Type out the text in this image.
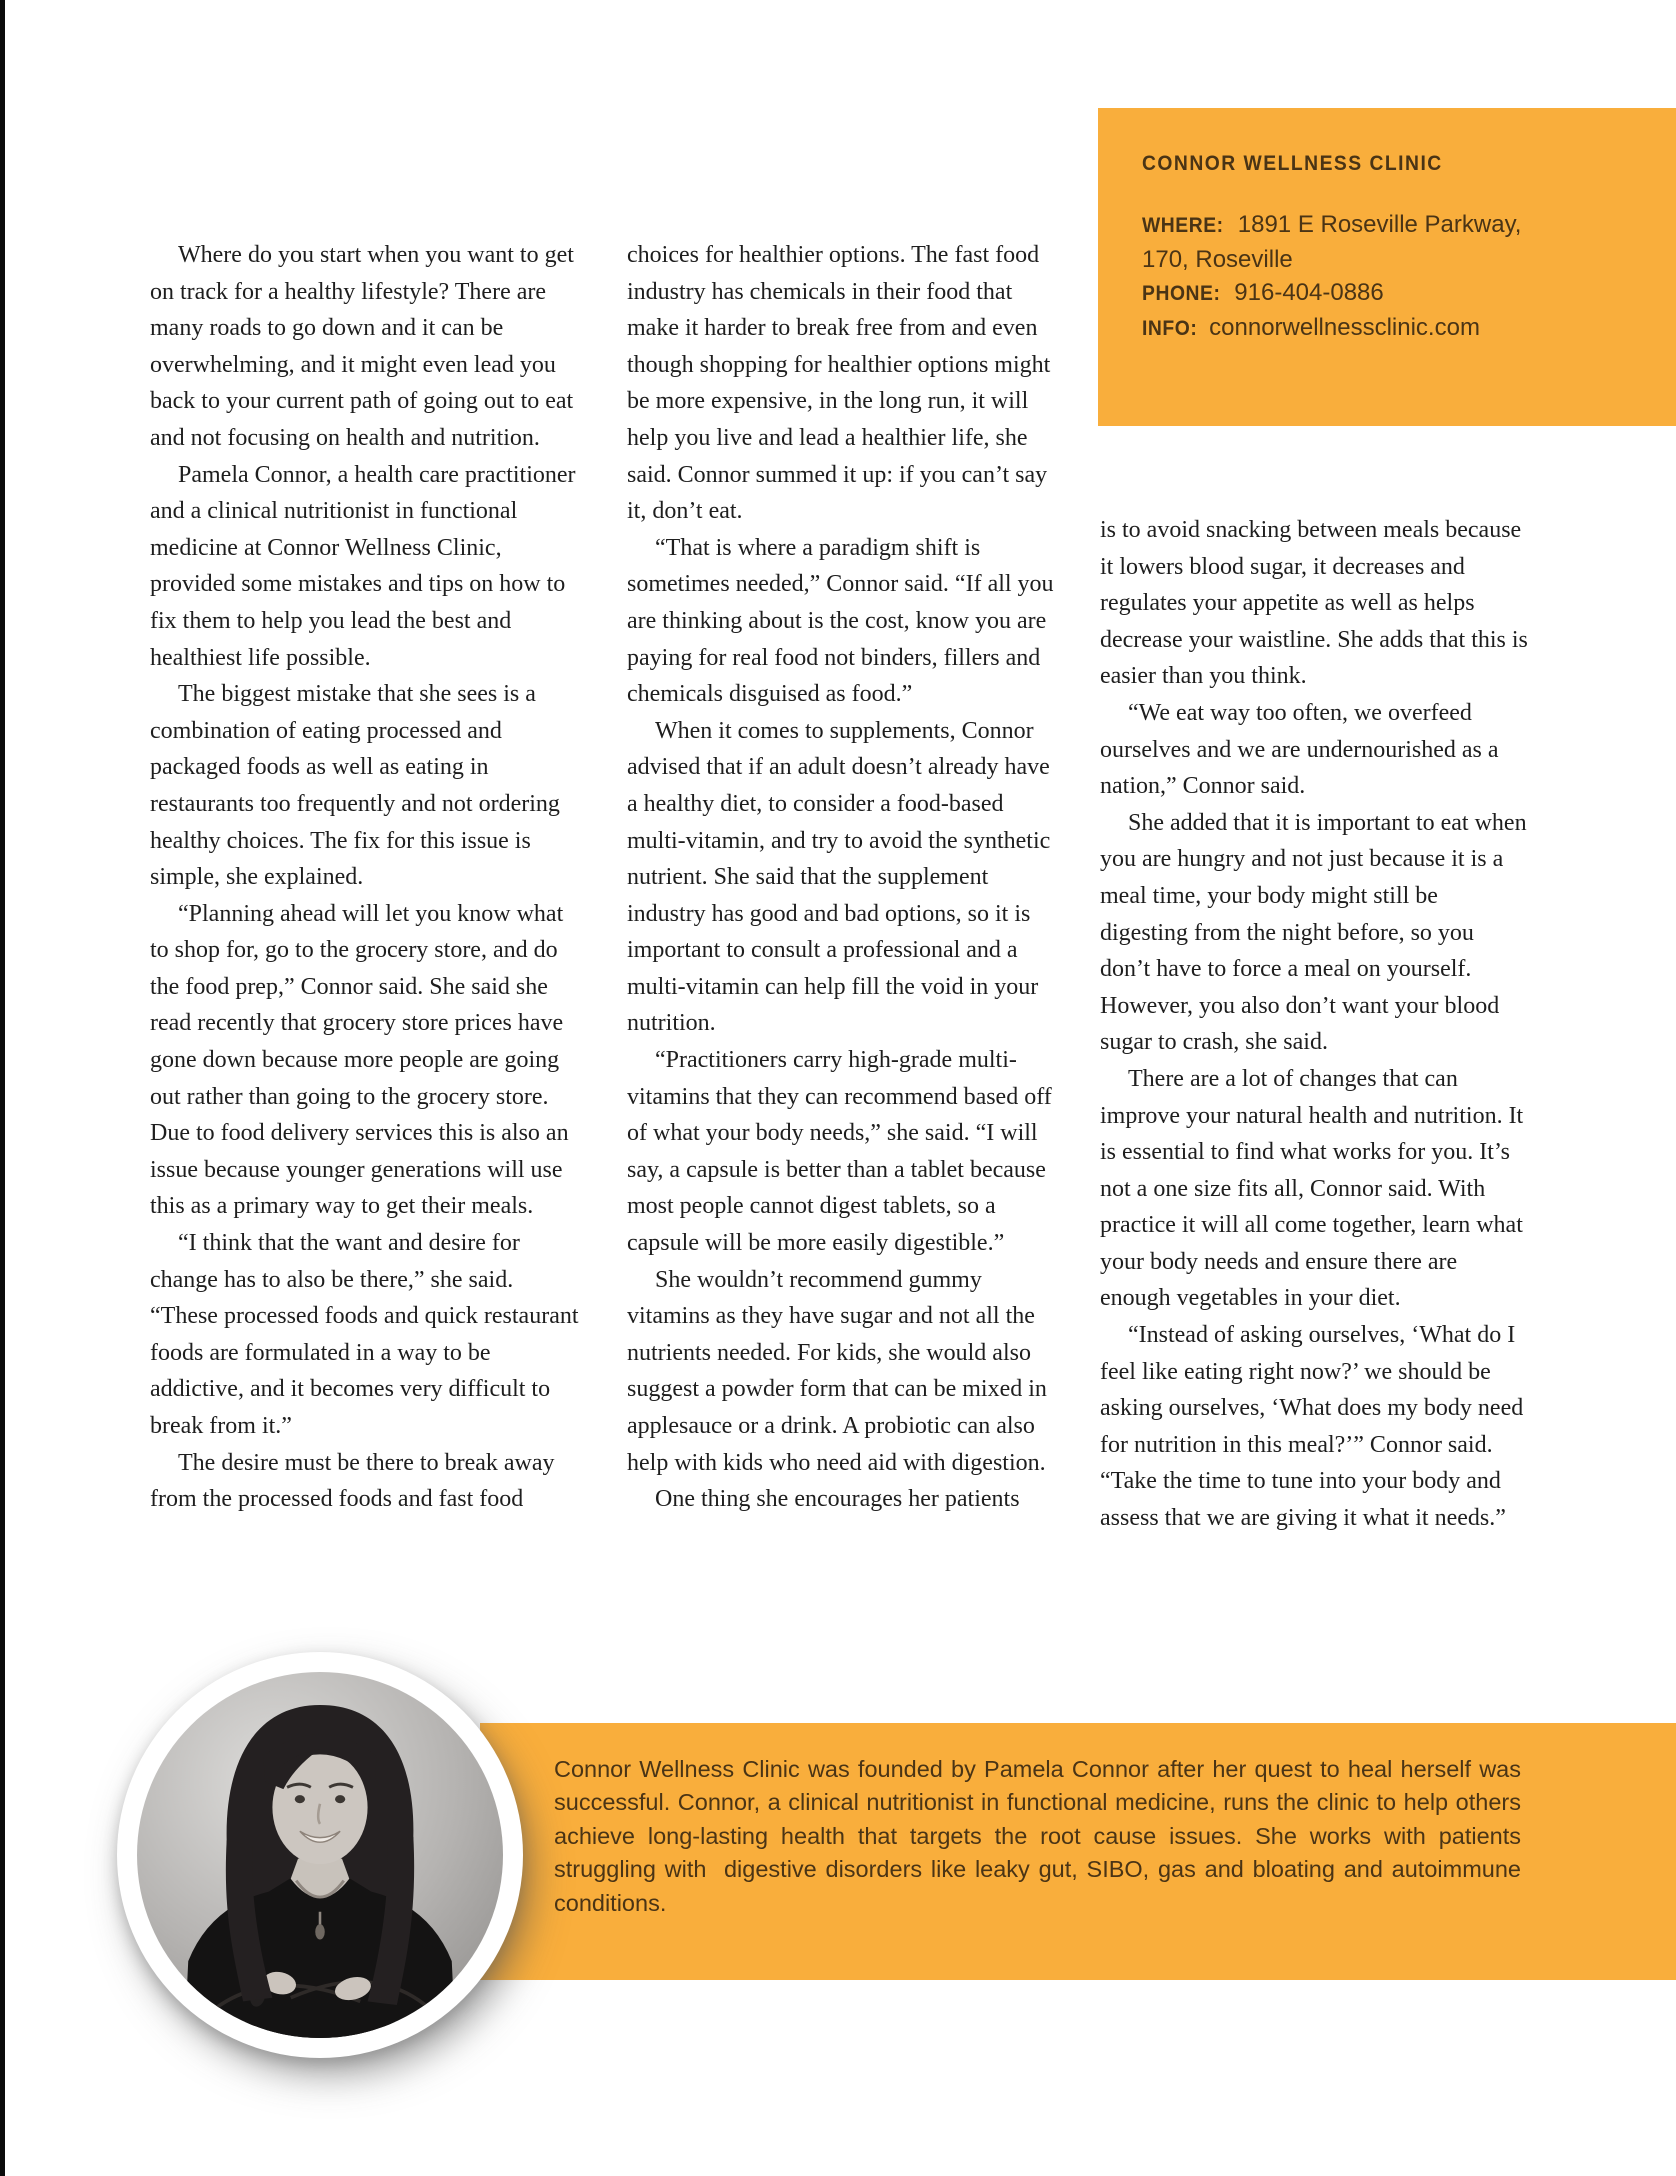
CONNOR WELLNESS CLINIC
WHERE: 1891 E Roseville Parkway,
170, Roseville
PHONE: 916-404-0886
INFO: connorwellnessclinic.com

Where do you start when you want to get on track for a healthy lifestyle? There are many roads to go down and it can be overwhelming, and it might even lead you back to your current path of going out to eat and not focusing on health and nutrition.

Pamela Connor, a health care practitioner and a clinical nutritionist in functional medicine at Connor Wellness Clinic, provided some mistakes and tips on how to fix them to help you lead the best and healthiest life possible.

The biggest mistake that she sees is a combination of eating processed and packaged foods as well as eating in restaurants too frequently and not ordering healthy choices. The fix for this issue is simple, she explained.

“Planning ahead will let you know what to shop for, go to the grocery store, and do the food prep,” Connor said. She said she read recently that grocery store prices have gone down because more people are going out rather than going to the grocery store. Due to food delivery services this is also an issue because younger generations will use this as a primary way to get their meals.

“I think that the want and desire for change has to also be there,” she said. “These processed foods and quick restaurant foods are formulated in a way to be addictive, and it becomes very difficult to break from it.”

The desire must be there to break away from the processed foods and fast food

choices for healthier options. The fast food industry has chemicals in their food that make it harder to break free from and even though shopping for healthier options might be more expensive, in the long run, it will help you live and lead a healthier life, she said. Connor summed it up: if you can’t say it, don’t eat.

“That is where a paradigm shift is sometimes needed,” Connor said. “If all you are thinking about is the cost, know you are paying for real food not binders, fillers and chemicals disguised as food.”

When it comes to supplements, Connor advised that if an adult doesn’t already have a healthy diet, to consider a food-based multi-vitamin, and try to avoid the synthetic nutrient. She said that the supplement industry has good and bad options, so it is important to consult a professional and a multi-vitamin can help fill the void in your nutrition.

“Practitioners carry high-grade multi-vitamins that they can recommend based off of what your body needs,” she said. “I will say, a capsule is better than a tablet because most people cannot digest tablets, so a capsule will be more easily digestible.”

She wouldn’t recommend gummy vitamins as they have sugar and not all the nutrients needed. For kids, she would also suggest a powder form that can be mixed in applesauce or a drink. A probiotic can also help with kids who need aid with digestion.

One thing she encourages her patients

is to avoid snacking between meals because it lowers blood sugar, it decreases and regulates your appetite as well as helps decrease your waistline. She adds that this is easier than you think.

“We eat way too often, we overfeed ourselves and we are undernourished as a nation,” Connor said.

She added that it is important to eat when you are hungry and not just because it is a meal time, your body might still be digesting from the night before, so you don’t have to force a meal on yourself. However, you also don’t want your blood sugar to crash, she said.

There are a lot of changes that can improve your natural health and nutrition. It is essential to find what works for you. It’s not a one size fits all, Connor said. With practice it will all come together, learn what your body needs and ensure there are enough vegetables in your diet.

“Instead of asking ourselves, ‘What do I feel like eating right now?’ we should be asking ourselves, ‘What does my body need for nutrition in this meal?’” Connor said. “Take the time to tune into your body and assess that we are giving it what it needs.”

Connor Wellness Clinic was founded by Pamela Connor after her quest to heal herself was successful. Connor, a clinical nutritionist in functional medicine, runs the clinic to help others achieve long-lasting health that targets the root cause issues. She works with patients struggling with  digestive disorders like leaky gut, SIBO, gas and bloating and autoimmune conditions.
